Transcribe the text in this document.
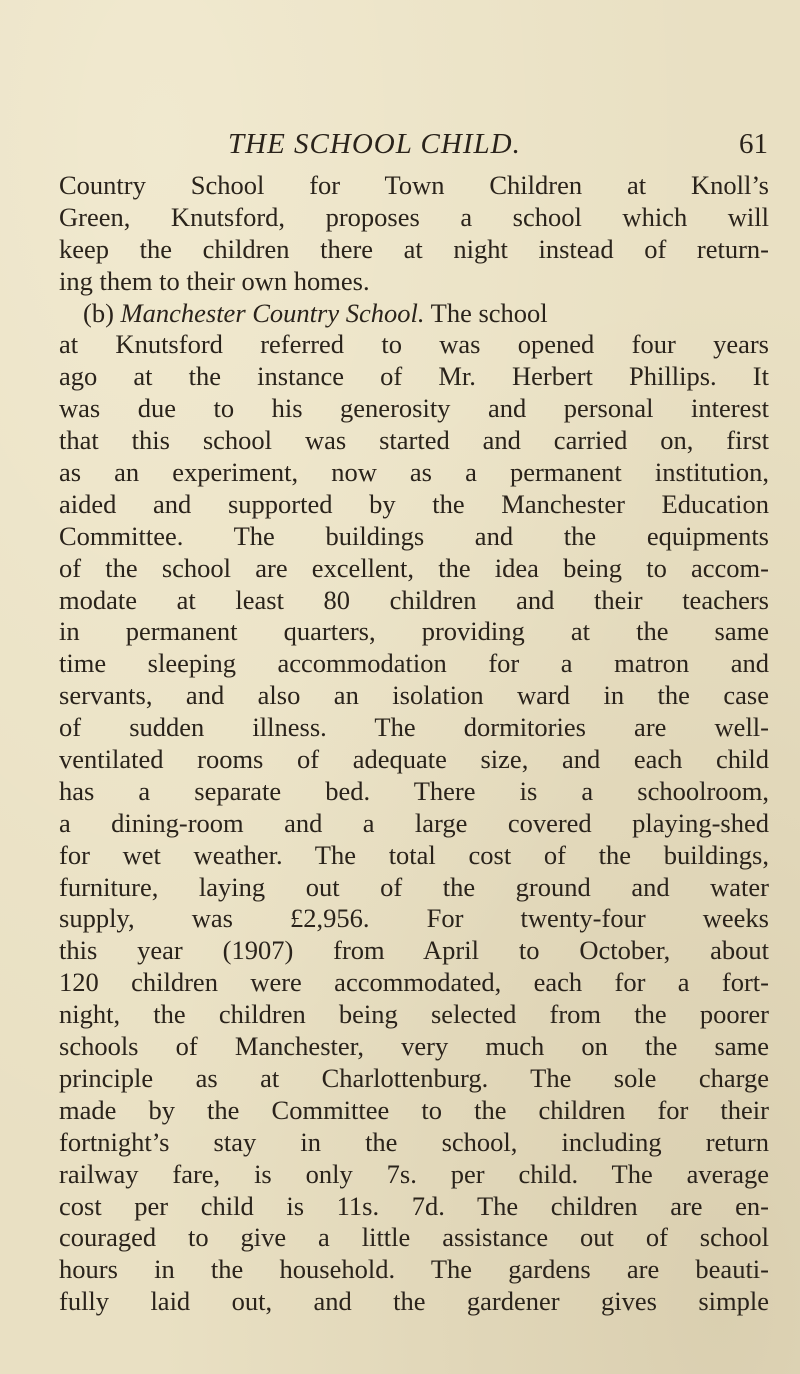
THE SCHOOL CHILD.	61
Country School for Town Children at Knoll’s
Green, Knutsford, proposes a school which will
keep the children there at night instead of return-
ing them to their own homes.
(b) Manchester Country School. The school
at Knutsford referred to was opened four years
ago at the instance of Mr. Herbert Phillips. It
was due to his generosity and personal interest
that this school was started and carried on, first
as an experiment, now as a permanent institution,
aided and supported by the Manchester Education
Committee. The buildings and the equipments
of the school are excellent, the idea being to accom-
modate at least 80 children and their teachers
in permanent quarters, providing at the same
time sleeping accommodation for a matron and
servants, and also an isolation ward in the case
of sudden illness. The dormitories are well-
ventilated rooms of adequate size, and each child
has a separate bed. There is a schoolroom,
a dining-room and a large covered playing-shed
for wet weather. The total cost of the buildings,
furniture, laying out of the ground and water
supply, was £2,956. For twenty-four weeks
this year (1907) from April to October, about
120 children were accommodated, each for a fort-
night, the children being selected from the poorer
schools of Manchester, very much on the same
principle as at Charlottenburg. The sole charge
made by the Committee to the children for their
fortnight’s stay in the school, including return
railway fare, is only 7s. per child. The average
cost per child is 11s. 7d. The children are en-
couraged to give a little assistance out of school
hours in the household. The gardens are beauti-
fully laid out, and the gardener gives simple
